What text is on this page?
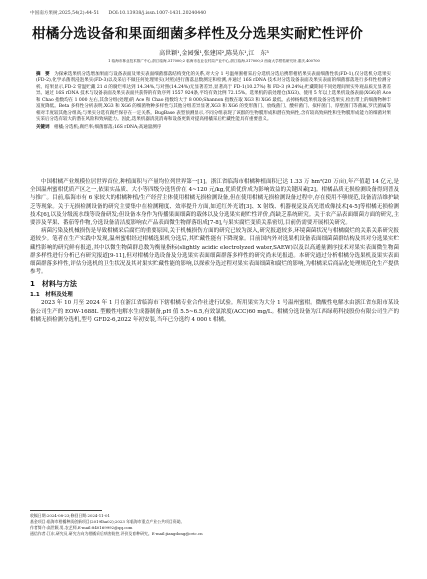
中国南方果树,2025,54(2):44-51　　DOI:10.13938/j.issn.1007-1431.20240440
柑橘分选设备和果面细菌多样性及分选果实耐贮性评价
高世颖¹,金园强¹,张建国²,陈昊东¹,江　东³
1 临海市林业技术推广中心,浙江临海,317000;2 临海市农业农村局产业中心,浙江临海,317000;3 西南大学柑桔研究所,重庆,400700

摘　要　 为探索选果机分选增加果面与设备表面及果实表面细菌群落结构变化的关系,对大分 1 号温州蜜柑采后分选机分选后携带柑桔果实表面细菌性状(FD-1),仅分选机分选果实(FD-2),化学杀菌剂浸泡果实(FD-3)以及采后不做任何处理果实(对照)进行菌落总数测定和检测,并通过 16S rDNA 技术对分选设备表面及果实表面的细菌群落进行多样性检测分析。结果显示,FD-2 常温贮藏 21 d 的腐烂率达到 14.34%,与对照(14.24%)无显著差异,显著高于 FD-1(10.27%) 和 FD-3 (9.24%);贮藏期间不同处理间果实外观品质无显著差异。通过 16S rDNA 技术与设备表面及果实表面共获得的有效序列 1557 924条,平均有效比例 72.15%。选果机的前处理仓(XG3)、使用 5 年以上选果机设备表面(XG6)的 Ace 和 Chao 指数均在 1 000 左右,其余分组(处理)的 Ace 和 Chao 指数均大于 8 000;Shannon 指数在取 XG3 和 XG6 最低。去掉杨梅选果机设备分选果实,检出带上的细菌物种丰富度降低。Beta 多样性分析表明,XG3 和 XG6 的细菌物种多样性与其他分组差异显著,XG3 和 XG6 的变形菌门、放线菌门、酸杆菌门、拟杆菌门、厚壁菌门等菌属,罗氏菌属等相对丰度较其他分组高;与果实分选有腐烂保存在一定关系。BugBase 表型预测显示,不同分组表现了该群的生物膜形成和潜在致病性,含有较高致病性和生物膜形成能力的细菌对果实采后分选有较大的潜在风险和致病能力。因此,选果机器清洗消毒和设备更新对提高柑橘采后贮藏性能具有重要意义。

关键词　 柑橘;分选机;腐烂率;细菌群落;16S rDNA;高通量测序

中国柑橘产业规模位居世界首位,种植面积与产量均位列世界第一[1]。浙江省临海市柑橘种植面积已达 1.33 万 hm²(20 万亩),年产值超 14 亿元,是全国温州蜜柑优质产区之一,依果实品质、大小等四级分选售价在 4~120 元/kg,优质优价成为影响效益的关键因素[2]。柑橘品质无损检测设备得到普及与推广。目前,临海市有 6 家较大的柑橘种植/生产经营主体使用柑橘无损检测设备,但在使用柑橘无损检测设备过程中,存在使用不够规范,设备清洁维护缺乏等现象。关于无损检测设备的研究主要集中在检测精度、效率提升方面,如近红外光谱[3]、X 射线、机器视觉及高光谱成像技术[4-5]等柑橘无损检测技术[6],以及分级流水线等设备研发;但设备本身作为传播果面细菌的载体以及分选果实耐贮性评价,尚缺乏系统研究。关于农产品表面细菌方面的研究,主要涉及苹果、番茄等作物,分选设备清洁度影响农产品表面微生物群落组成[7-8],与果实腐烂变质关系密切,目前仍需要开展相关研究。

病菌污染及机械损伤是导致柑橘采后腐烂的重要原因,关于机械损伤方面的研究已较为深入,研究报道较多,环境菌菌状况与柑橘腐烂的关系关系研究报道较少。笔者在生产实践中发现,温州蜜柑经过柑橘选果机分选后,其贮藏性能有下降现象。目前国内外对选果机设备表面细菌菌群结构及其对分选果实贮藏性影响的研究鲜有报道,其中以微生物菌群总数为衡量指标(slightly acidic electrolyzed water,SAEW)以及以高通量测序技术对果实表面微生物菌群多样性进行分析已有研究报道[9-11],但对柑橘分选设备及分选果实表面细菌群落多样性的研究尚未见报道。本研究通过分析柑橘分选果机及果实表面细菌群落多样性,评估分选机的卫生状况及其对果实贮藏性能的影响,以探索分选过程对果实表面细菌和腐烂的影响,为柑橘采后商品化处理规范化生产提供参考。

1　材料与方法
1.1　材料及处理

2023 年 10 月至 2024 年 1 月在浙江省临海市下辖柑橘专业合作社进行试验。所用果实为大分 1 号温州蜜柑。微酸性电解水由浙江省东阳市某设备公司生产的 EOW-1688L 型酸性电解水生成器制备,pH 值 5.5~6.5,有效氯浓度(ACC)60 mg/L。柑橘分选设备为江西绿萌科技股份有限公司生产的柑橘无损检测分选机,型号 GFD2-6,2022 年初安装,当年已分选约 4 000 t 柑橘。

收稿日期:2024-08-23;修回日期:2024-11-01
基金项目:临海市柑橘种质创新项目(2019lha02);2023 年临海市重点产业公共项目资助。
作者简介:高世颖,男,农艺师,E-mail:840169992@qq.com
通信作者:江东,研究员,研究方向为柑橘采后病害防控,评价及育种研究。E-mail:jiangdong@cric.cn
